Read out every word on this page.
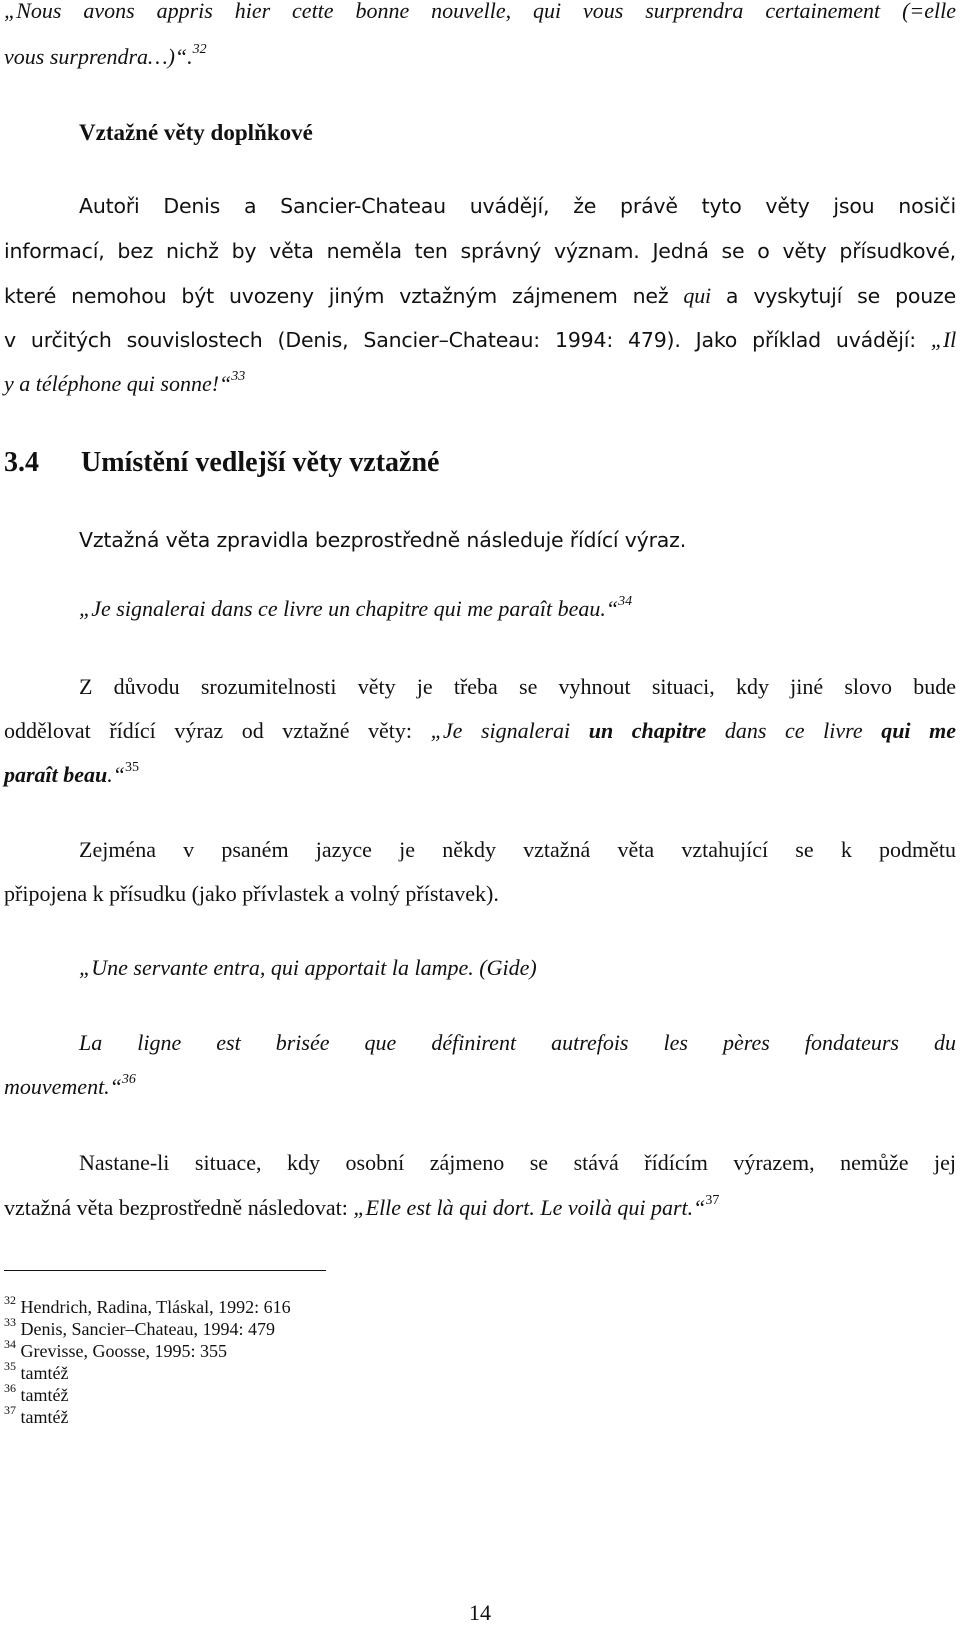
„Nous avons appris hier cette bonne nouvelle, qui vous surprendra certainement (=elle
vous surprendra…)“.$^{32}$
Vztažné věty doplňkové
Autoři Denis a Sancier-Chateau uvádějí, že právě tyto věty jsou nosiči
informací, bez nichž by věta neměla ten správný význam. Jedná se o věty přísudkové,
které nemohou být uvozeny jiným vztažným zájmenem než qui a vyskytují se pouze
v určitých souvislostech (Denis, Sancier–Chateau: 1994: 479). Jako příklad uvádějí: „Il
y a téléphone qui sonne!“$^{33}$
3.4 Umístění vedlejší věty vztažné
Vztažná věta zpravidla bezprostředně následuje řídící výraz.
„Je signalerai dans ce livre un chapitre qui me paraît beau.“$^{34}$
Z důvodu srozumitelnosti věty je třeba se vyhnout situaci, kdy jiné slovo bude
oddělovat řídící výraz od vztažné věty: „Je signalerai un chapitre dans ce livre qui me
paraît beau.“$^{35}$
Zejména v psaném jazyce je někdy vztažná věta vztahující se k podmětu
připojena k přísudku (jako přívlastek a volný přístavek).
„Une servante entra, qui apportait la lampe. (Gide)
La ligne est brisée que définirent autrefois les pères fondateurs du
mouvement.“$^{36}$
Nastane-li situace, kdy osobní zájmeno se stává řídícím výrazem, nemůže jej
vztažná věta bezprostředně následovat: „Elle est là qui dort. Le voilà qui part.“$^{37}$
$^{32}$ Hendrich, Radina, Tláskal, 1992: 616
$^{33}$ Denis, Sancier–Chateau, 1994: 479
$^{34}$ Grevisse, Goosse, 1995: 355
$^{35}$ tamtéž
$^{36}$ tamtéž
$^{37}$ tamtéž
14
